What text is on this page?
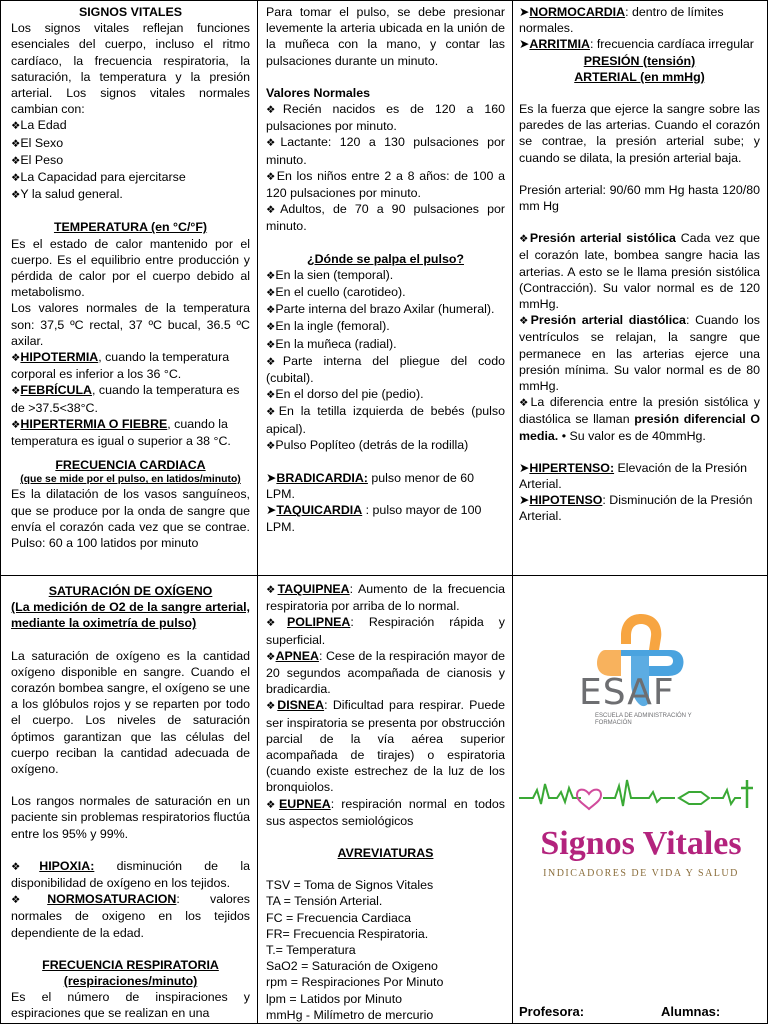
SIGNOS VITALES

Los signos vitales reflejan funciones esenciales del cuerpo, incluso el ritmo cardíaco, la frecuencia respiratoria, la saturación, la temperatura y la presión arterial. Los signos vitales normales cambian con:

❖La Edad

❖El Sexo

❖El Peso

❖La Capacidad para ejercitarse

❖Y la salud general.

TEMPERATURA (en °C/°F)

Es el estado de calor mantenido por el cuerpo. Es el equilibrio entre producción y pérdida de calor por el cuerpo debido al metabolismo.

Los valores normales de la temperatura son: 37,5 ºC rectal, 37 ºC bucal, 36.5 ºC axilar.

❖HIPOTERMIA, cuando la temperatura corporal es inferior a los 36 °C.

❖FEBRÍCULA, cuando la temperatura es de >37.5<38°C.

❖HIPERTERMIA O FIEBRE, cuando la temperatura es igual o superior a 38 °C.

FRECUENCIA CARDIACA

(que se mide por el pulso, en latidos/minuto)

Es la dilatación de los vasos sanguíneos, que se produce por la onda de sangre que envía el corazón cada vez que se contrae. Pulso: 60 a 100 latidos por minuto

Para tomar el pulso, se debe presionar levemente la arteria ubicada en la unión de la muñeca con la mano, y contar las pulsaciones durante un minuto.

Valores Normales

❖Recién nacidos es de 120 a 160 pulsaciones por minuto.

❖Lactante: 120 a 130 pulsaciones por minuto.

❖En los niños entre 2 a 8 años: de 100 a 120 pulsaciones por minuto.

❖Adultos, de 70 a 90 pulsaciones por minuto.

¿Dónde se palpa el pulso?

❖En la sien (temporal).

❖En el cuello (carotideo).

❖Parte interna del brazo Axilar (humeral).

❖En la ingle (femoral).

❖En la muñeca (radial).

❖Parte interna del pliegue del codo (cubital).

❖En el dorso del pie (pedio).

❖En la tetilla izquierda de bebés (pulso apical).

❖Pulso Poplíteo (detrás de la rodilla)

➤BRADICARDIA: pulso menor de 60 LPM.

➤TAQUICARDIA : pulso mayor de 100 LPM.

➤NORMOCARDIA: dentro de límites normales.

➤ARRITMIA: frecuencia cardíaca irregular

PRESIÓN (tensión)

ARTERIAL (en mmHg)

Es la fuerza que ejerce la sangre sobre las paredes de las arterias. Cuando el corazón se contrae, la presión arterial sube; y cuando se dilata, la presión arterial baja.

Presión arterial: 90/60 mm Hg hasta 120/80 mm Hg

❖Presión arterial sistólica Cada vez que el corazón late, bombea sangre hacia las arterias. A esto se le llama presión sistólica (Contracción). Su valor normal es de 120 mmHg.

❖Presión arterial diastólica: Cuando los ventrículos se relajan, la sangre que permanece en las arterias ejerce una presión mínima. Su valor normal es de 80 mmHg.

❖La diferencia entre la presión sistólica y diastólica se llaman presión diferencial O media. • Su valor es de 40mmHg.

➤HIPERTENSO: Elevación de la Presión Arterial.

➤HIPOTENSO: Disminución de la Presión Arterial.

SATURACIÓN DE OXÍGENO

(La medición de O2 de la sangre arterial, mediante la oximetría de pulso)

La saturación de oxígeno es la cantidad oxígeno disponible en sangre. Cuando el corazón bombea sangre, el oxígeno se une a los glóbulos rojos y se reparten por todo el cuerpo. Los niveles de saturación óptimos garantizan que las células del cuerpo reciban la cantidad adecuada de oxígeno.

Los rangos normales de saturación en un paciente sin problemas respiratorios fluctúa entre los 95% y 99%.

❖HIPOXIA: disminución de la disponibilidad de oxígeno en los tejidos.

❖NORMOSATURACION: valores normales de oxigeno en los tejidos dependiente de la edad.

FRECUENCIA RESPIRATORIA

(respiraciones/minuto)

Es el número de inspiraciones y espiraciones que se realizan en una

❖TAQUIPNEA: Aumento de la frecuencia respiratoria por arriba de lo normal.

❖POLIPNEA: Respiración rápida y superficial.

❖APNEA: Cese de la respiración mayor de 20 segundos acompañada de cianosis y bradicardia.

❖DISNEA: Dificultad para respirar. Puede ser inspiratoria se presenta por obstrucción parcial de la vía aérea superior acompañada de tirajes) o espiratoria (cuando existe estrechez de la luz de los bronquiolos.

❖EUPNEA: respiración normal en todos sus aspectos semiológicos

AVREVIATURAS

TSV = Toma de Signos Vitales

TA = Tensión Arterial.

FC = Frecuencia Cardiaca

FR= Frecuencia Respiratoria.

T.= Temperatura

SaO2 = Saturación de Oxigeno

rpm = Respiraciones Por Minuto

lpm = Latidos por Minuto

mmHg - Milímetro de mercurio

ESAF
ESCUELA DE ADMINISTRACIÓN Y FORMACIÓN
Signos Vitales
INDICADORES DE VIDA Y SALUD
Profesora:	Alumnas:
